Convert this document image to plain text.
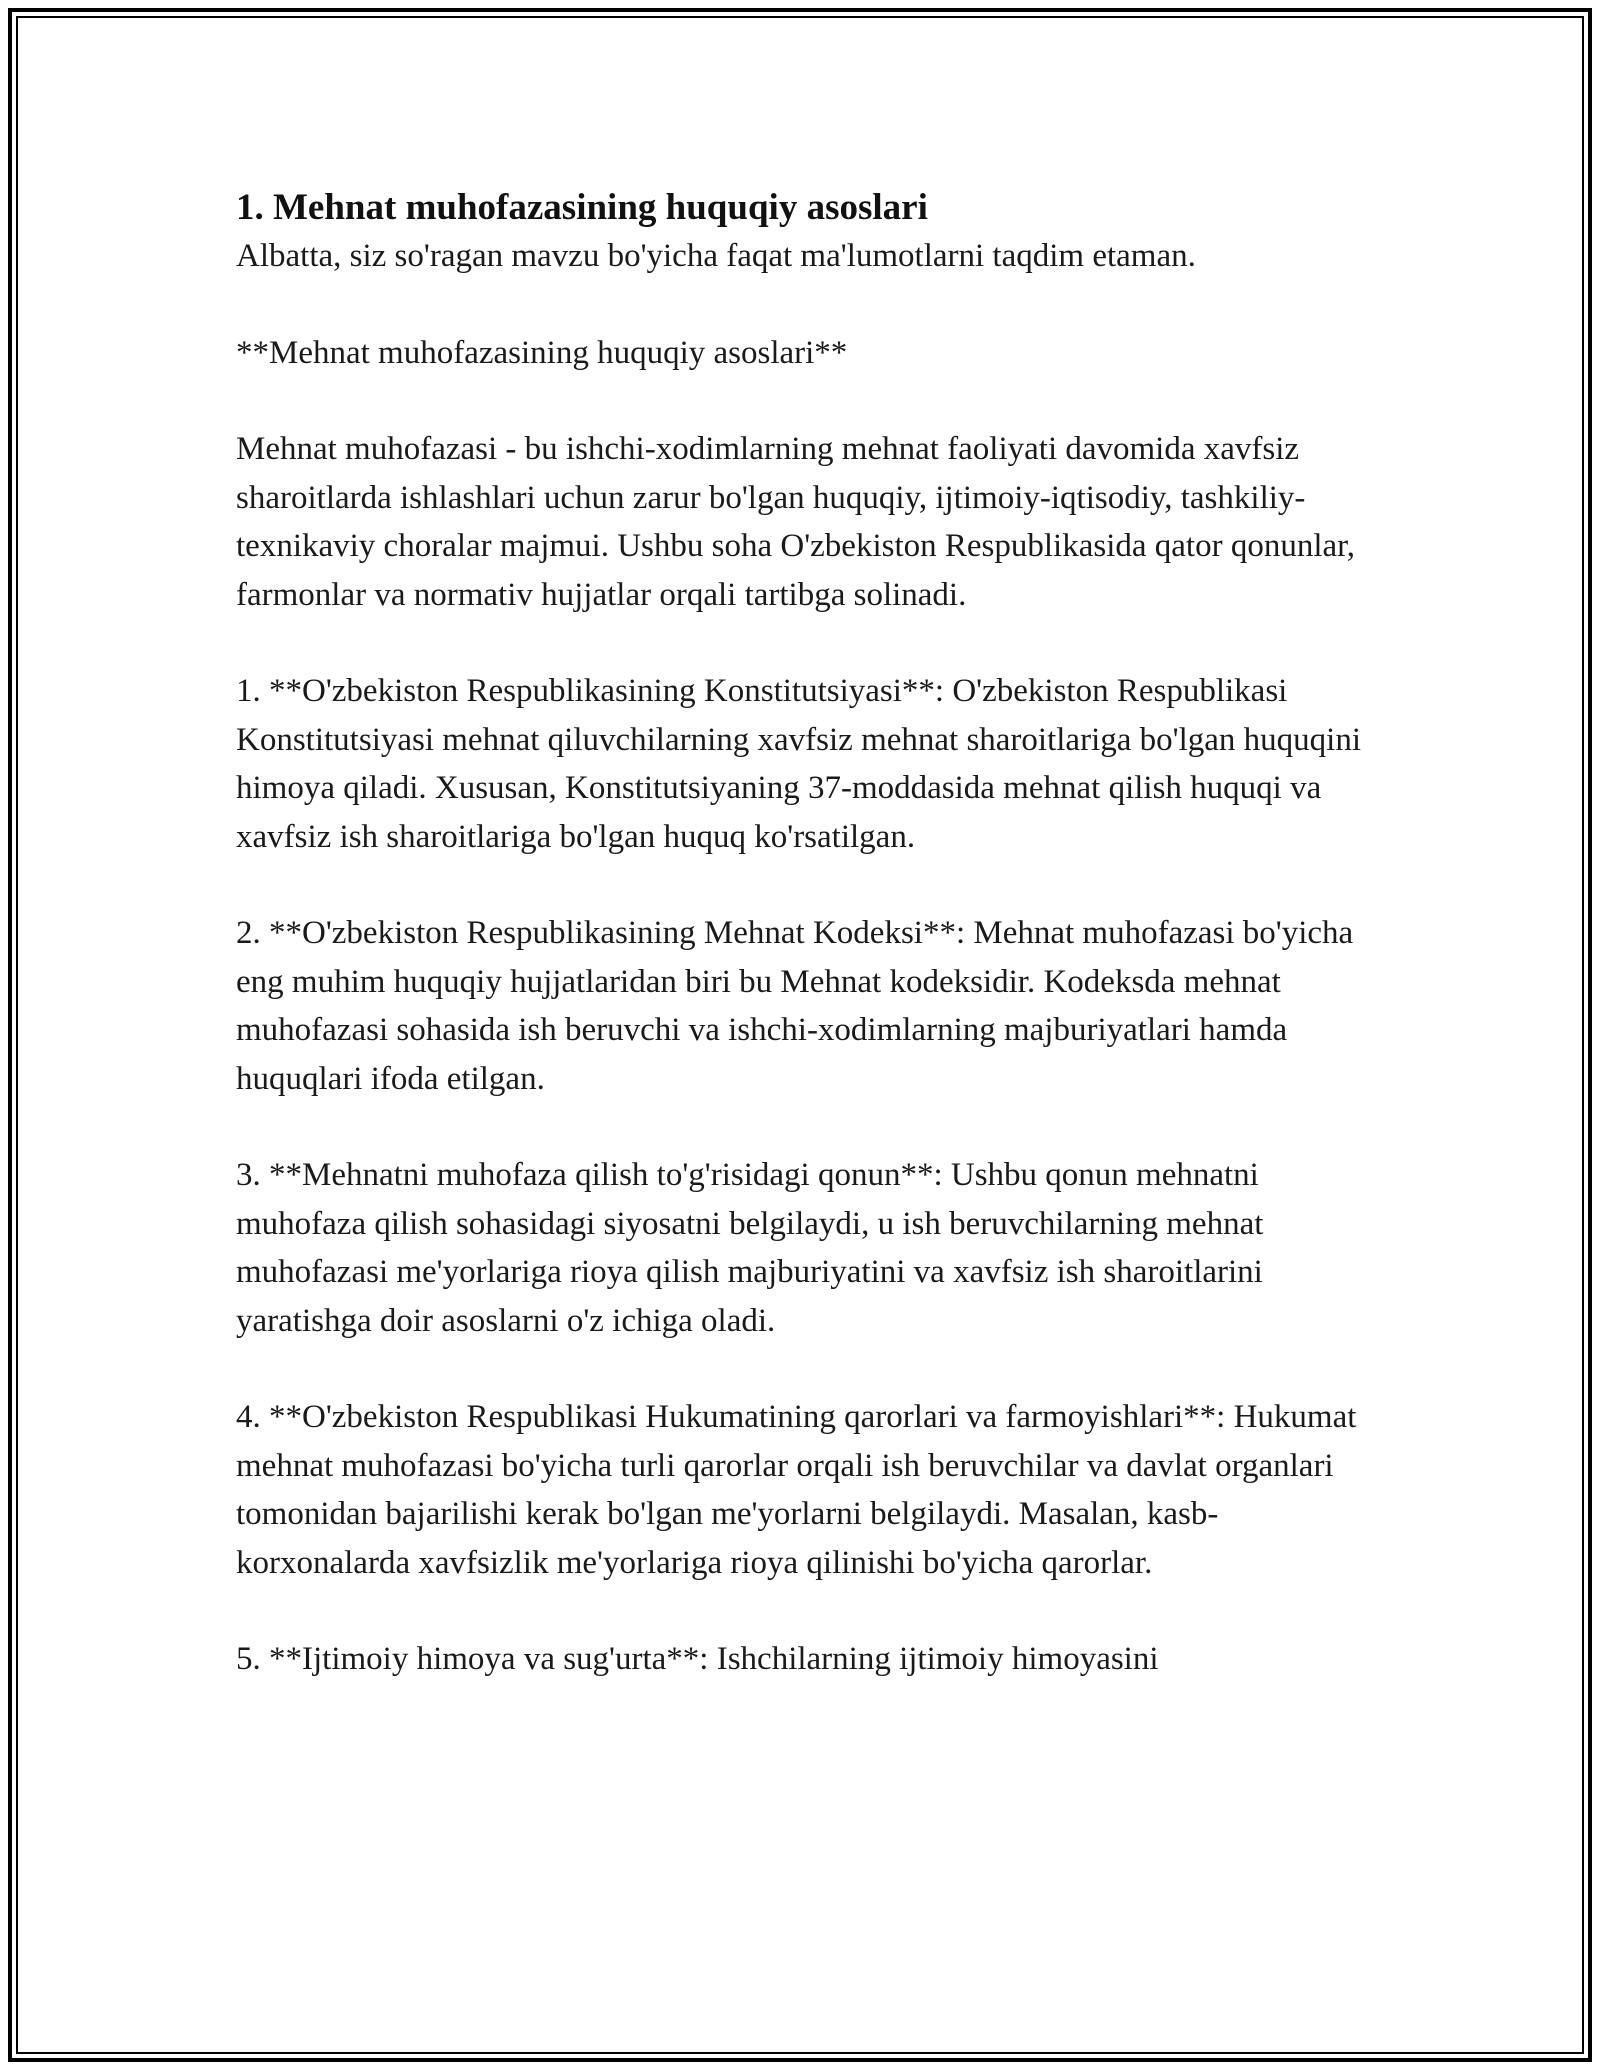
1. Mehnat muhofazasining huquqiy asoslari

Albatta, siz so'ragan mavzu bo'yicha faqat ma'lumotlarni taqdim etaman.

**Mehnat muhofazasining huquqiy asoslari**

Mehnat muhofazasi - bu ishchi-xodimlarning mehnat faoliyati davomida xavfsiz sharoitlarda ishlashlari uchun zarur bo'lgan huquqiy, ijtimoiy-iqtisodiy, tashkiliy-texnikaviy choralar majmui. Ushbu soha O'zbekiston Respublikasida qator qonunlar, farmonlar va normativ hujjatlar orqali tartibga solinadi.

1. **O'zbekiston Respublikasining Konstitutsiyasi**: O'zbekiston Respublikasi Konstitutsiyasi mehnat qiluvchilarning xavfsiz mehnat sharoitlariga bo'lgan huquqini himoya qiladi. Xususan, Konstitutsiyaning 37-moddasida mehnat qilish huquqi va xavfsiz ish sharoitlariga bo'lgan huquq ko'rsatilgan.

2. **O'zbekiston Respublikasining Mehnat Kodeksi**: Mehnat muhofazasi bo'yicha eng muhim huquqiy hujjatlaridan biri bu Mehnat kodeksidir. Kodeksda mehnat muhofazasi sohasida ish beruvchi va ishchi-xodimlarning majburiyatlari hamda huquqlari ifoda etilgan.

3. **Mehnatni muhofaza qilish to'g'risidagi qonun**: Ushbu qonun mehnatni muhofaza qilish sohasidagi siyosatni belgilaydi, u ish beruvchilarning mehnat muhofazasi me'yorlariga rioya qilish majburiyatini va xavfsiz ish sharoitlarini yaratishga doir asoslarni o'z ichiga oladi.

4. **O'zbekiston Respublikasi Hukumatining qarorlari va farmoyishlari**: Hukumat mehnat muhofazasi bo'yicha turli qarorlar orqali ish beruvchilar va davlat organlari tomonidan bajarilishi kerak bo'lgan me'yorlarni belgilaydi. Masalan, kasb-korxonalarda xavfsizlik me'yorlariga rioya qilinishi bo'yicha qarorlar.

5. **Ijtimoiy himoya va sug'urta**: Ishchilarning ijtimoiy himoyasini
